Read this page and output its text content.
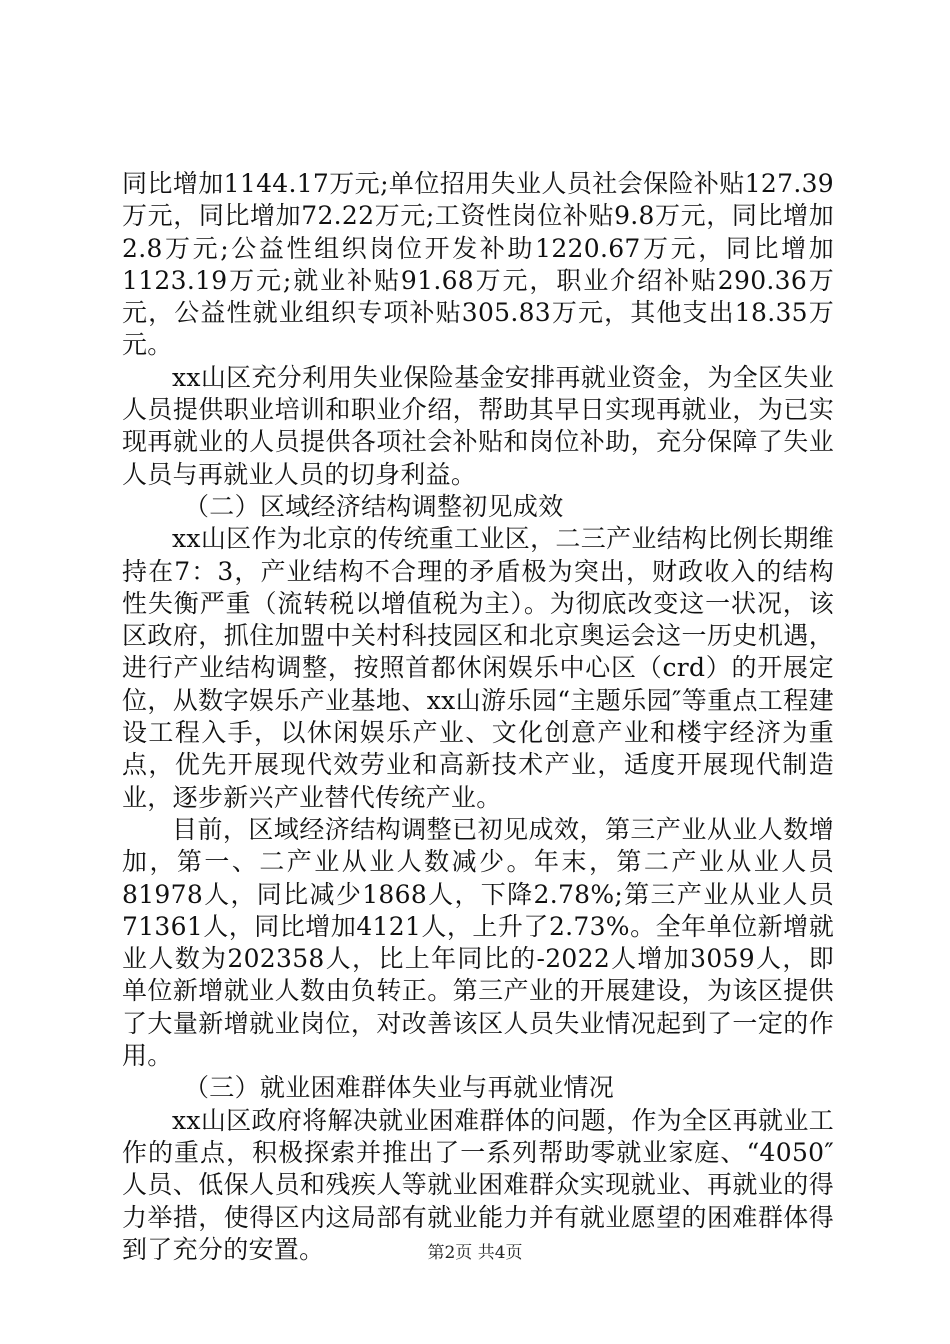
同比增加1144.17万元;单位招用失业人员社会保险补贴127.39万元，同比增加72.22万元;工资性岗位补贴9.8万元，同比增加2.8万元;公益性组织岗位开发补助1220.67万元，同比增加1123.19万元;就业补贴91.68万元，职业介绍补贴290.36万元，公益性就业组织专项补贴305.83万元，其他支出18.35万元。

xx山区充分利用失业保险基金安排再就业资金，为全区失业人员提供职业培训和职业介绍，帮助其早日实现再就业，为已实现再就业的人员提供各项社会补贴和岗位补助，充分保障了失业人员与再就业人员的切身利益。

（二）区域经济结构调整初见成效

xx山区作为北京的传统重工业区，二三产业结构比例长期维持在7：3，产业结构不合理的矛盾极为突出，财政收入的结构性失衡严重（流转税以增值税为主）。为彻底改变这一状况，该区政府，抓住加盟中关村科技园区和北京奥运会这一历史机遇，进行产业结构调整，按照首都休闲娱乐中心区（crd）的开展定位，从数字娱乐产业基地、xx山游乐园“主题乐园″等重点工程建设工程入手，以休闲娱乐产业、文化创意产业和楼宇经济为重点，优先开展现代效劳业和高新技术产业，适度开展现代制造业，逐步新兴产业替代传统产业。

目前，区域经济结构调整已初见成效，第三产业从业人数增加，第一、二产业从业人数减少。年末，第二产业从业人员81978人，同比减少1868人，下降2.78%;第三产业从业人员71361人，同比增加4121人，上升了2.73%。全年单位新增就业人数为202358人，比上年同比的-2022人增加3059人，即单位新增就业人数由负转正。第三产业的开展建设，为该区提供了大量新增就业岗位，对改善该区人员失业情况起到了一定的作用。

（三）就业困难群体失业与再就业情况

xx山区政府将解决就业困难群体的问题，作为全区再就业工作的重点，积极探索并推出了一系列帮助零就业家庭、“4050″人员、低保人员和残疾人等就业困难群众实现就业、再就业的得力举措，使得区内这局部有就业能力并有就业愿望的困难群体得到了充分的安置。	第2页 共4页
